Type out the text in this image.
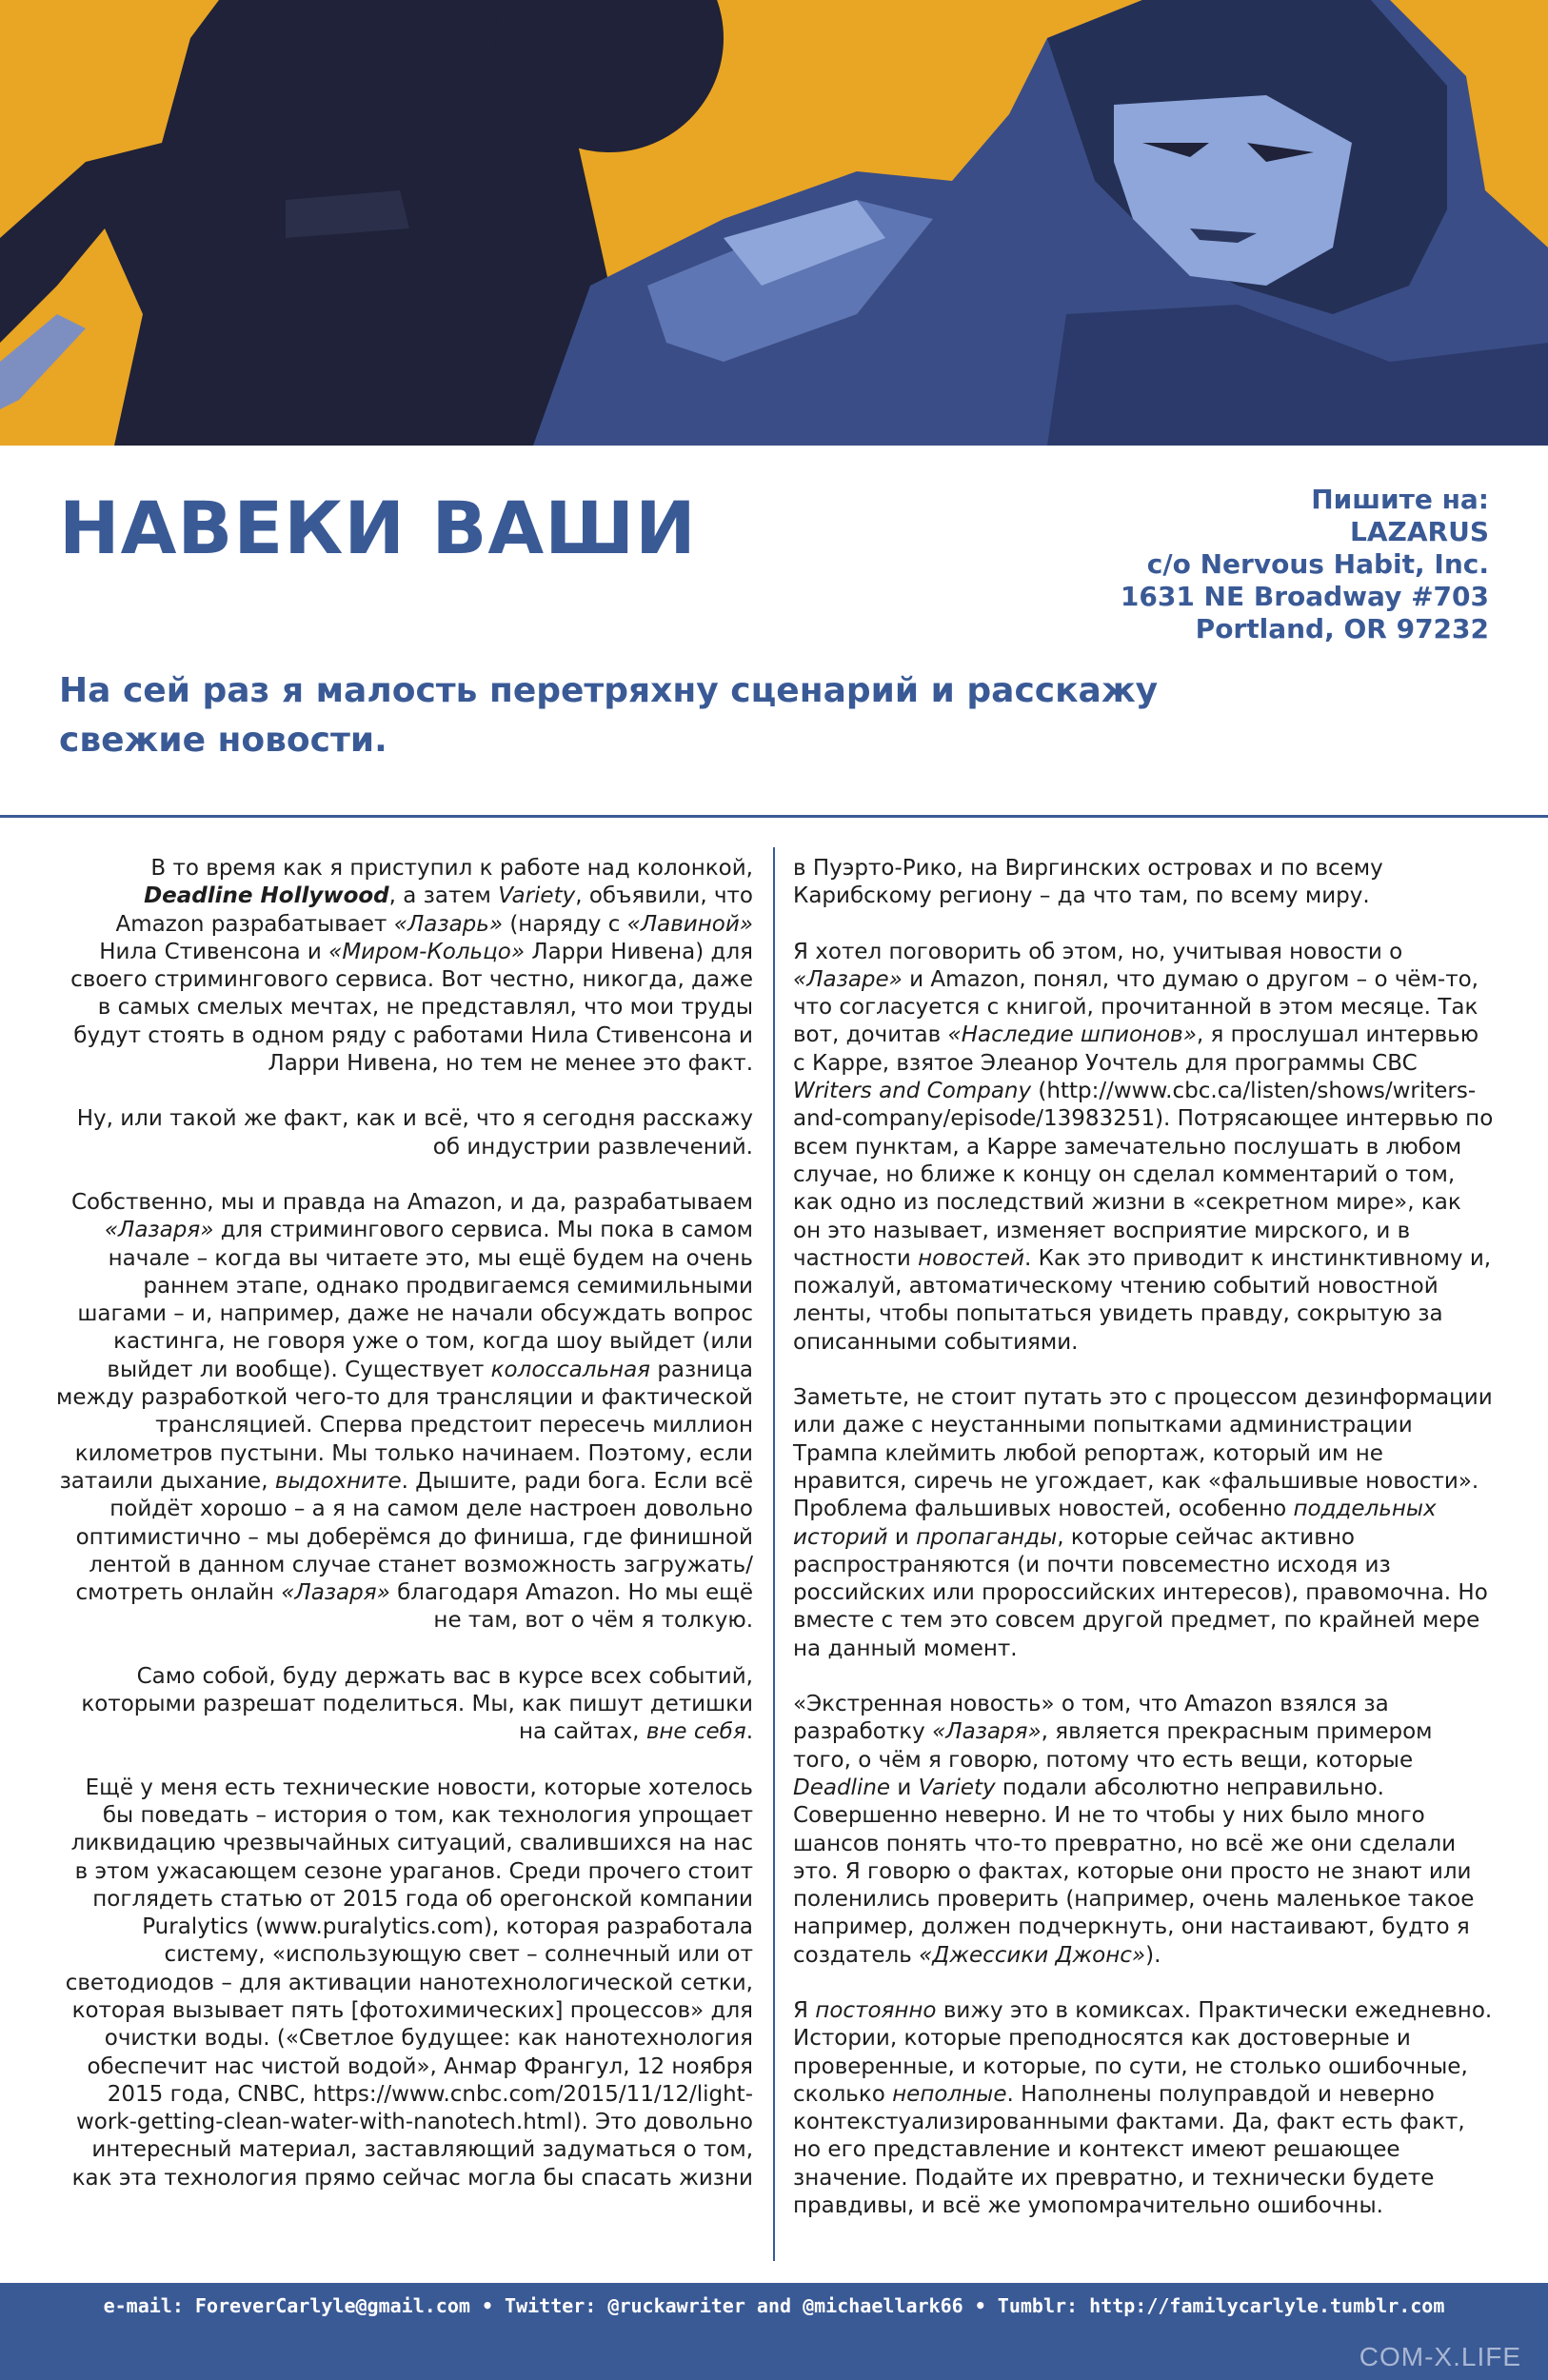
НАВЕКИ ВАШИ	Пишите на:
LAZARUS
c/o Nervous Habit, Inc.
1631 NE Broadway #703
Portland, OR 97232
На сей раз я малость перетряхну сценарий и расскажу свежие новости.

В то время как я приступил к работе над колонкой, Deadline Hollywood, а затем Variety, объявили, что Amazon разрабатывает «Лазарь» (наряду с «Лавиной» Нила Стивенсона и «Миром-Кольцо» Ларри Нивена) для своего стримингового сервиса. Вот честно, никогда, даже в самых смелых мечтах, не представлял, что мои труды будут стоять в одном ряду с работами Нила Стивенсона и Ларри Нивена, но тем не менее это факт.

Ну, или такой же факт, как и всё, что я сегодня расскажу об индустрии развлечений.

Собственно, мы и правда на Amazon, и да, разрабатываем «Лазаря» для стримингового сервиса. Мы пока в самом начале – когда вы читаете это, мы ещё будем на очень раннем этапе, однако продвигаемся семимильными шагами – и, например, даже не начали обсуждать вопрос кастинга, не говоря уже о том, когда шоу выйдет (или выйдет ли вообще). Существует колоссальная разница между разработкой чего-то для трансляции и фактической трансляцией. Сперва предстоит пересечь миллион километров пустыни. Мы только начинаем. Поэтому, если затаили дыхание, выдохните. Дышите, ради бога. Если всё пойдёт хорошо – а я на самом деле настроен довольно оптимистично – мы доберёмся до финиша, где финишной лентой в данном случае станет возможность загружать/смотреть онлайн «Лазаря» благодаря Amazon. Но мы ещё не там, вот о чём я толкую.

Само собой, буду держать вас в курсе всех событий, которыми разрешат поделиться. Мы, как пишут детишки на сайтах, вне себя.

Ещё у меня есть технические новости, которые хотелось бы поведать – история о том, как технология упрощает ликвидацию чрезвычайных ситуаций, свалившихся на нас в этом ужасающем сезоне ураганов. Среди прочего стоит поглядеть статью от 2015 года об орегонской компании Puralytics (www.puralytics.com), которая разработала систему, «использующую свет – солнечный или от светодиодов – для активации нанотехнологической сетки, которая вызывает пять [фотохимических] процессов» для очистки воды. («Светлое будущее: как нанотехнология обеспечит нас чистой водой», Анмар Франгул, 12 ноября 2015 года, CNBC, https://www.cnbc.com/2015/11/12/light-work-getting-clean-water-with-nanotech.html). Это довольно интересный материал, заставляющий задуматься о том, как эта технология прямо сейчас могла бы спасать жизни

в Пуэрто-Рико, на Виргинских островах и по всему Карибскому региону – да что там, по всему миру.

Я хотел поговорить об этом, но, учитывая новости о «Лазаре» и Amazon, понял, что думаю о другом – о чём-то, что согласуется с книгой, прочитанной в этом месяце. Так вот, дочитав «Наследие шпионов», я прослушал интервью с Карре, взятое Элеанор Уочтель для программы CBC Writers and Company (http://www.cbc.ca/listen/shows/writers-and-company/episode/13983251). Потрясающее интервью по всем пунктам, а Карре замечательно послушать в любом случае, но ближе к концу он сделал комментарий о том, как одно из последствий жизни в «секретном мире», как он это называет, изменяет восприятие мирского, и в частности новостей. Как это приводит к инстинктивному и, пожалуй, автоматическому чтению событий новостной ленты, чтобы попытаться увидеть правду, сокрытую за описанными событиями.

Заметьте, не стоит путать это с процессом дезинформации или даже с неустанными попытками администрации Трампа клеймить любой репортаж, который им не нравится, сиречь не угождает, как «фальшивые новости». Проблема фальшивых новостей, особенно поддельных историй и пропаганды, которые сейчас активно распространяются (и почти повсеместно исходя из российских или пророссийских интересов), правомочна. Но вместе с тем это совсем другой предмет, по крайней мере на данный момент.

«Экстренная новость» о том, что Amazon взялся за разработку «Лазаря», является прекрасным примером того, о чём я говорю, потому что есть вещи, которые Deadline и Variety подали абсолютно неправильно. Совершенно неверно. И не то чтобы у них было много шансов понять что-то превратно, но всё же они сделали это. Я говорю о фактах, которые они просто не знают или поленились проверить (например, очень маленькое такое например, должен подчеркнуть, они настаивают, будто я создатель «Джессики Джонс»).

Я постоянно вижу это в комиксах. Практически ежедневно. Истории, которые преподносятся как достоверные и проверенные, и которые, по сути, не столько ошибочные, сколько неполные. Наполнены полуправдой и неверно контекстуализированными фактами. Да, факт есть факт, но его представление и контекст имеют решающее значение. Подайте их превратно, и технически будете правдивы, и всё же умопомрачительно ошибочны.

e-mail: ForeverCarlyle@gmail.com • Twitter: @ruckawriter and @michaellark66 • Tumblr: http://familycarlyle.tumblr.com
COM-X.LIFE
